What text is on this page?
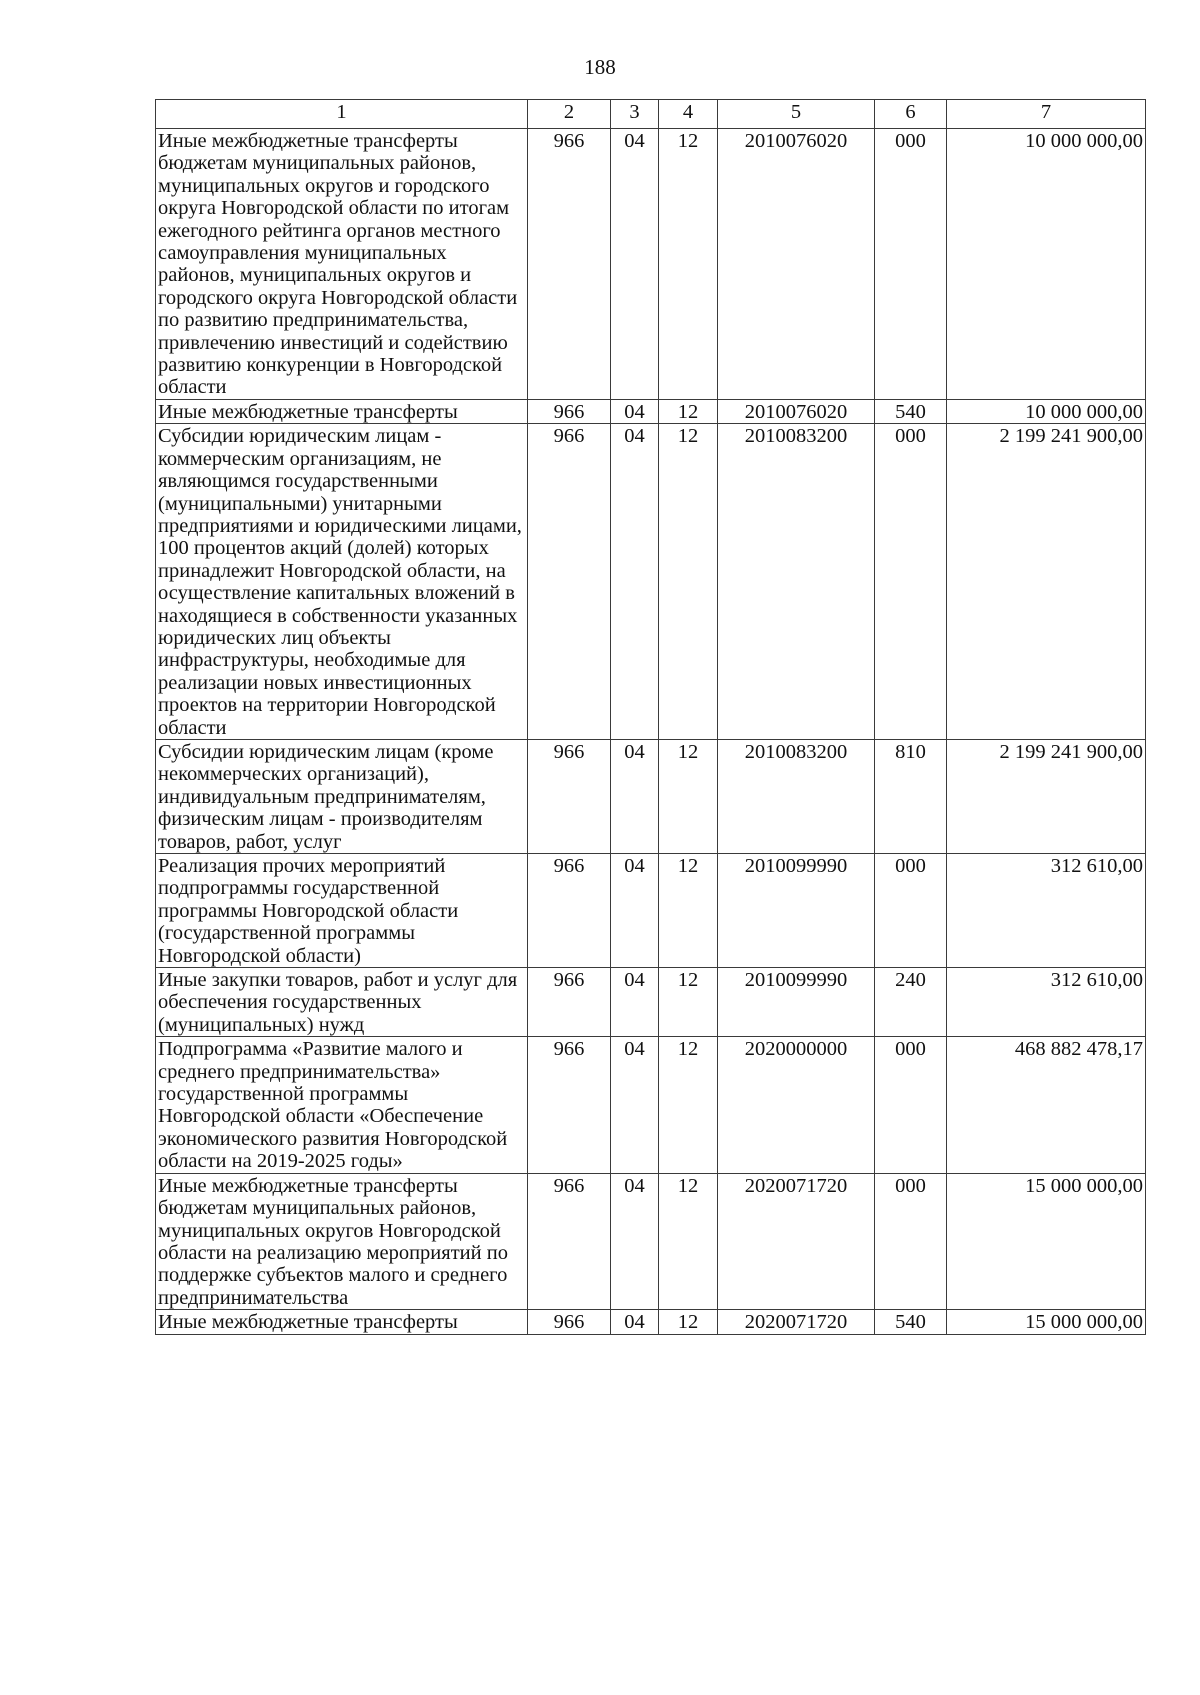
188
1	2	3	4	5	6	7
Иные межбюджетные трансферты бюджетам муниципальных районов, муниципальных округов и городского округа Новгородской области по итогам ежегодного рейтинга органов местного самоуправления муниципальных районов, муниципальных округов и городского округа Новгородской области по развитию предпринимательства, привлечению инвестиций и содействию развитию конкуренции в Новгородской области	966	04	12	2010076020	000	10 000 000,00
Иные межбюджетные трансферты	966	04	12	2010076020	540	10 000 000,00
Субсидии юридическим лицам - коммерческим организациям, не являющимся государственными (муниципальными) унитарными предприятиями и юридическими лицами, 100 процентов акций (долей) которых принадлежит Новгородской области, на осуществление капитальных вложений в находящиеся в собственности указанных юридических лиц объекты инфраструктуры, необходимые для реализации новых инвестиционных проектов на территории Новгородской области	966	04	12	2010083200	000	2 199 241 900,00
Субсидии юридическим лицам (кроме некоммерческих организаций), индивидуальным предпринимателям, физическим лицам - производителям товаров, работ, услуг	966	04	12	2010083200	810	2 199 241 900,00
Реализация прочих мероприятий подпрограммы государственной программы Новгородской области (государственной программы Новгородской области)	966	04	12	2010099990	000	312 610,00
Иные закупки товаров, работ и услуг для обеспечения государственных (муниципальных) нужд	966	04	12	2010099990	240	312 610,00
Подпрограмма «Развитие малого и среднего предпринимательства» государственной программы Новгородской области «Обеспечение экономического развития Новгородской области на 2019-2025 годы»	966	04	12	2020000000	000	468 882 478,17
Иные межбюджетные трансферты бюджетам муниципальных районов, муниципальных округов Новгородской области на реализацию мероприятий по поддержке субъектов малого и среднего предпринимательства	966	04	12	2020071720	000	15 000 000,00
Иные межбюджетные трансферты	966	04	12	2020071720	540	15 000 000,00
